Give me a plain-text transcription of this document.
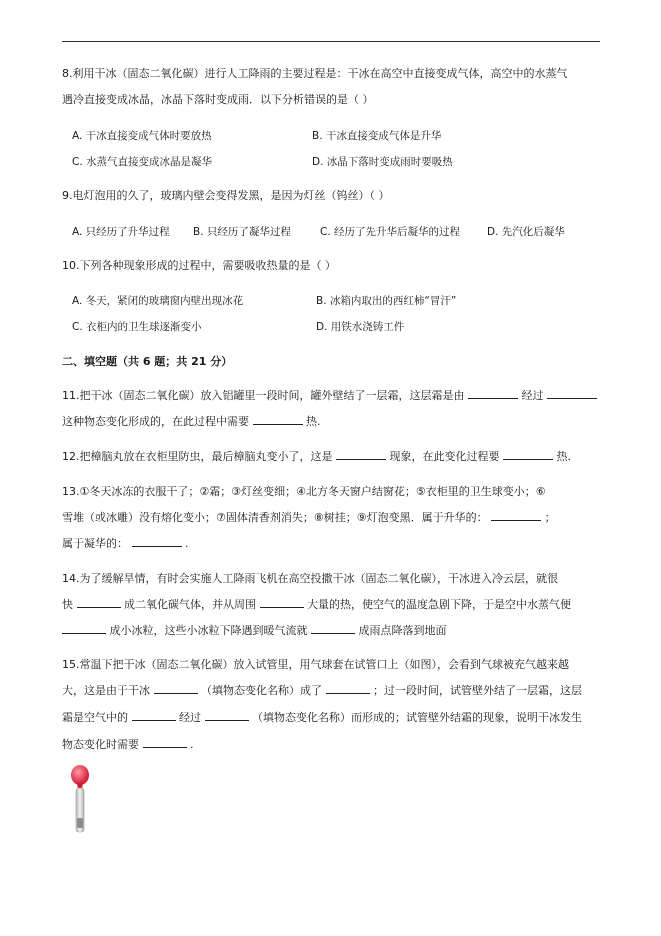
8.利用干冰（固态二氧化碳）进行人工降雨的主要过程是：干冰在高空中直接变成气体，高空中的水蒸气
遇冷直接变成冰晶，冰晶下落时变成雨．以下分析错误的是（ ）
A. 干冰直接变成气体时要放热	B. 干冰直接变成气体是升华
C. 水蒸气直接变成冰晶是凝华	D. 冰晶下落时变成雨时要吸热
9.电灯泡用的久了，玻璃内壁会变得发黑，是因为灯丝（钨丝）（ ）
A. 只经历了升华过程 B. 只经历了凝华过程	C. 经历了先升华后凝华的过程	D. 先汽化后凝华
10.下列各种现象形成的过程中，需要吸收热量的是（ ）
A. 冬天，紧闭的玻璃窗内壁出现冰花	B. 冰箱内取出的西红柿“冒汗”
C. 衣柜内的卫生球逐渐变小	D. 用铁水浇铸工件
二、填空题（共 6 题；共 21 分）
11.把干冰（固态二氧化碳）放入铝罐里一段时间，罐外壁结了一层霜，这层霜是由	经过
这种物态变化形成的，在此过程中需要	热.
12.把樟脑丸放在衣柜里防虫，最后樟脑丸变小了，这是	现象，在此变化过程要	热.
13.①冬天冰冻的衣服干了；②霜；③灯丝变细；④北方冬天窗户结窗花；⑤衣柜里的卫生球变小；⑥
雪堆（或冰雕）没有熔化变小；⑦固体清香剂消失；⑧树挂；⑨灯泡变黑．属于升华的：	；
属于凝华的：	.
14.为了缓解旱情，有时会实施人工降雨飞机在高空投撒干冰（固态二氧化碳），干冰进入冷云层，就很
快	成二氧化碳气体，并从周围	大量的热，使空气的温度急剧下降，于是空中水蒸气便
成小冰粒，这些小冰粒下降遇到暖气流就	成雨点降落到地面
15.常温下把干冰（固态二氧化碳）放入试管里，用气球套在试管口上（如图），会看到气球被充气越来越
大，这是由于干冰	（填物态变化名称）成了	；过一段时间，试管壁外结了一层霜，这层
霜是空气中的	经过	（填物态变化名称）而形成的；试管壁外结霜的现象，说明干冰发生
物态变化时需要	.
